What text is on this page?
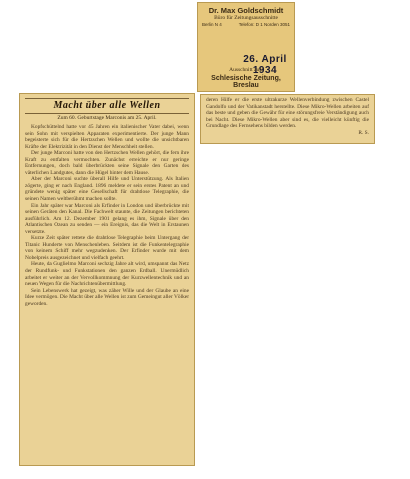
Dr. Max Goldschmidt
Büro für Zeitungsausschnitte
Berlin N 4	Telefon: D 1 Norden 3051
26. April 1934
Ausschnitt aus:
Schlesische Zeitung, Breslau
Macht über alle Wellen
Zum 60. Geburtstage Marconis am 25. April.

Kopfschüttelnd hatte vor 45 Jahren ein italienischer Vater dabei, wenn sein Sohn mit verspielten Apparaten experimentierte. Der junge Mann begeisterte sich für die Hertzschen Wellen und wollte die unsichtbaren Kräfte der Elektrizität in den Dienst der Menschheit stellen.

Der junge Marconi hatte von den Hertzschen Wellen gehört, die fern ihre Kraft zu entfalten vermochten. Zunächst erreichte er nur geringe Entfernungen, doch bald überbrückten seine Signale den Garten des väterlichen Landgutes, dann die Hügel hinter dem Hause.

Aber der Marconi suchte überall Hilfe und Unterstützung. Als Italien zögerte, ging er nach England. 1896 meldete er sein erstes Patent an und gründete wenig später eine Gesellschaft für drahtlose Telegraphie, die seinen Namen weltberühmt machen sollte.

Ein Jahr später war Marconi als Erfinder in London und überbrückte mit seinen Geräten den Kanal. Die Fachwelt staunte, die Zeitungen berichteten ausführlich. Am 12. Dezember 1901 gelang es ihm, Signale über den Atlantischen Ozean zu senden — ein Ereignis, das die Welt in Erstaunen versetzte.

Kurze Zeit später rettete die drahtlose Telegraphie beim Untergang der Titanic Hunderte von Menschenleben. Seitdem ist die Funkentelegraphie von keinem Schiff mehr wegzudenken. Der Erfinder wurde mit dem Nobelpreis ausgezeichnet und vielfach geehrt.

Heute, da Guglielmo Marconi sechzig Jahre alt wird, umspannt das Netz der Rundfunk- und Funkstationen den ganzen Erdball. Unermüdlich arbeitet er weiter an der Vervollkommnung der Kurzwellentechnik und an neuen Wegen für die Nachrichtenübermittlung.

Sein Lebenswerk hat gezeigt, was zäher Wille und der Glaube an eine Idee vermögen. Die Macht über alle Wellen ist zum Gemeingut aller Völker geworden.

deren Hilfe er die erste ultrakurze Wellenverbindung zwischen Castel Gandolfo und der Vatikanstadt herstellte. Diese Mikro-Wellen arbeiten auf das beste und geben die Gewähr für eine störungsfreie Verständigung auch bei Nacht. Diese Mikro-Wellen aber sind es, die vielleicht künftig die Grundlage des Fernsehens bilden werden.

R. S.
